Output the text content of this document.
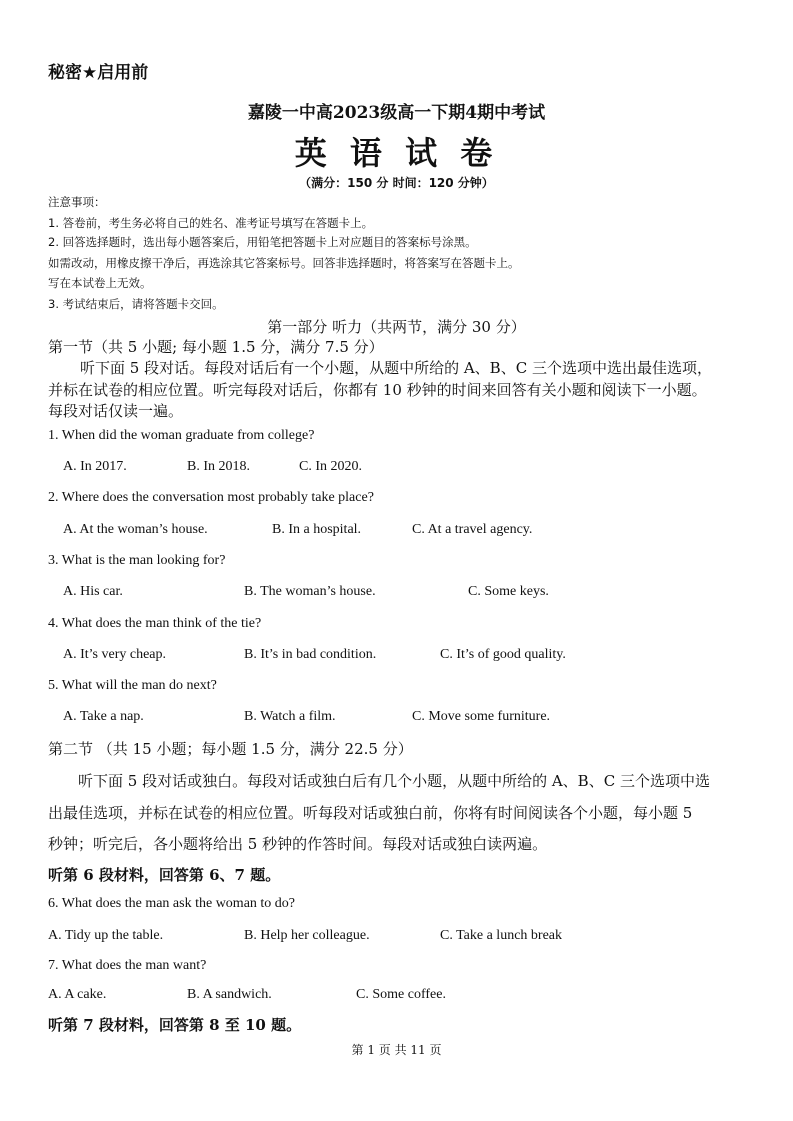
秘密★启用前
嘉陵一中高2023级高一下期4期中考试
英 语 试 卷
（满分：150 分 时间：120 分钟）
注意事项：
1. 答卷前，考生务必将自己的姓名、准考证号填写在答题卡上。
2. 回答选择题时，选出每小题答案后，用铅笔把答题卡上对应题目的答案标号涂黑。
如需改动，用橡皮擦干净后，再选涂其它答案标号。回答非选择题时，将答案写在答题卡上。
写在本试卷上无效。
3. 考试结束后，请将答题卡交回。
第一部分 听力（共两节，满分 30 分）
第一节（共 5 小题; 每小题 1.5 分，满分 7.5 分）
听下面 5 段对话。每段对话后有一个小题，从题中所给的 A、B、C 三个选项中选出最佳选项，
并标在试卷的相应位置。听完每段对话后，你都有 10 秒钟的时间来回答有关小题和阅读下一小题。
每段对话仅读一遍。
1. When did the woman graduate from college?
A. In 2017.	B. In 2018.	C. In 2020.
2. Where does the conversation most probably take place?
A. At the woman’s house.	B. In a hospital.	C. At a travel agency.
3. What is the man looking for?
A. His car.	B. The woman’s house.	C. Some keys.
4. What does the man think of the tie?
A. It’s very cheap.	B. It’s in bad condition.	C. It’s of good quality.
5. What will the man do next?
A. Take a nap.	B. Watch a film.	C. Move some furniture.
第二节 （共 15 小题；每小题 1.5 分，满分 22.5 分）
听下面 5 段对话或独白。每段对话或独白后有几个小题，从题中所给的 A、B、C 三个选项中选
出最佳选项，并标在试卷的相应位置。听每段对话或独白前，你将有时间阅读各个小题，每小题 5
秒钟；听完后，各小题将给出 5 秒钟的作答时间。每段对话或独白读两遍。
听第 6 段材料，回答第 6、7 题。
6. What does the man ask the woman to do?
A. Tidy up the table.	B. Help her colleague.	C. Take a lunch break
7. What does the man want?
A. A cake.	B. A sandwich.	C. Some coffee.
听第 7 段材料，回答第 8 至 10 题。
第 1 页 共 11 页
